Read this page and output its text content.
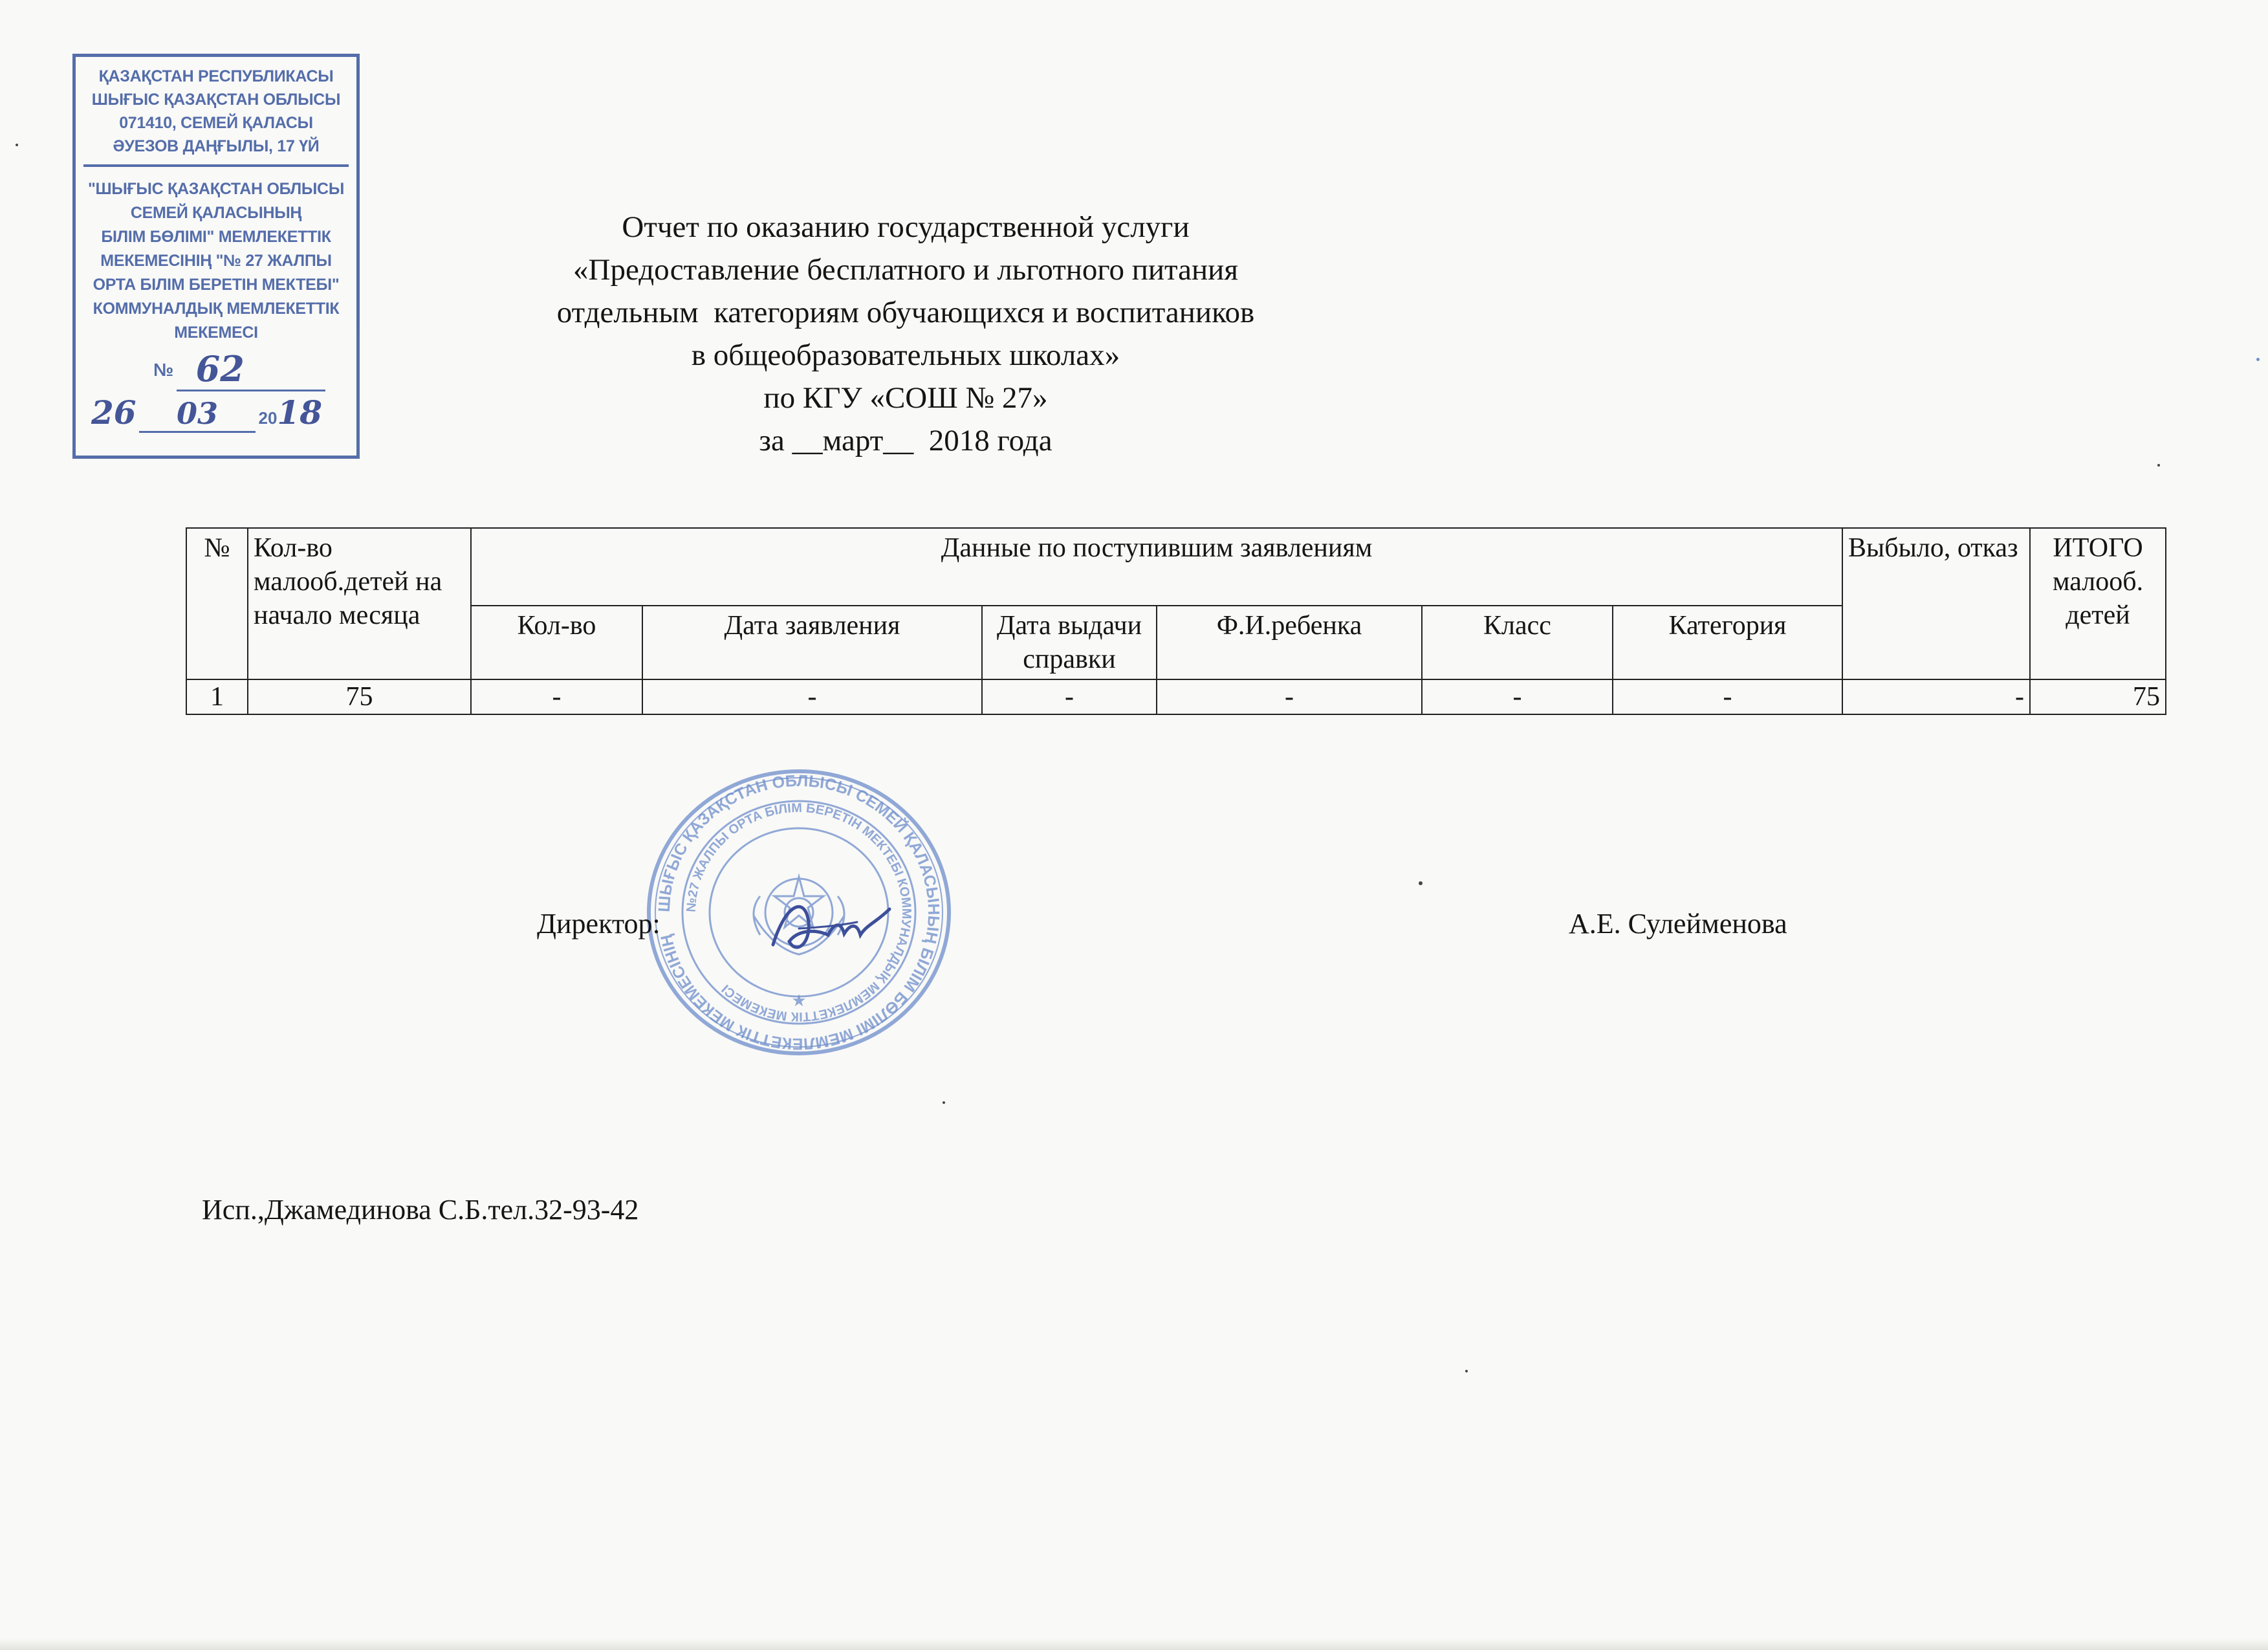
ҚАЗАҚСТАН РЕСПУБЛИКАСЫ
ШЫҒЫС ҚАЗАҚСТАН ОБЛЫСЫ
071410, СЕМЕЙ ҚАЛАСЫ
ӘУЕЗОВ ДАҢҒЫЛЫ, 17 ҮЙ
"ШЫҒЫС ҚАЗАҚСТАН ОБЛЫСЫ
СЕМЕЙ ҚАЛАСЫНЫҢ
БІЛІМ БӨЛІМІ" МЕМЛЕКЕТТІК
МЕКЕМЕСІНІҢ "№ 27 ЖАЛПЫ
ОРТА БІЛІМ БЕРЕТІН МЕКТЕБІ"
КОММУНАЛДЫҚ МЕМЛЕКЕТТІК
МЕКЕМЕСІ
№ 62
26 03 2018
Отчет по оказанию государственной услуги
«Предоставление бесплатного и льготного питания
отдельным  категориям обучающихся и воспитаников
в общеобразовательных школах»
по КГУ «СОШ № 27»
за __март__  2018 года
№	Кол-во малооб.детей на начало месяца	Данные по поступившим заявлениям						Выбыло, отказ	ИТОГО малооб. детей
		Кол-во	Дата заявления	Дата выдачи справки	Ф.И.ребенка	Класс	Категория		
1	75	-	-	-	-	-	-	-	75
ШЫҒЫС ҚАЗАҚСТАН ОБЛЫСЫ СЕМЕЙ ҚАЛАСЫНЫҢ БІЛІМ БӨЛІМІ МЕМЛЕКЕТТІК МЕКЕМЕСІНІҢ
№27 ЖАЛПЫ ОРТА БІЛІМ БЕРЕТІН МЕКТЕБІ КОММУНАЛДЫҚ МЕМЛЕКЕТТІК МЕКЕМЕСІ
★
Директор:	А.Е. Сулейменова
Исп.,Джамединова С.Б.тел.32-93-42
